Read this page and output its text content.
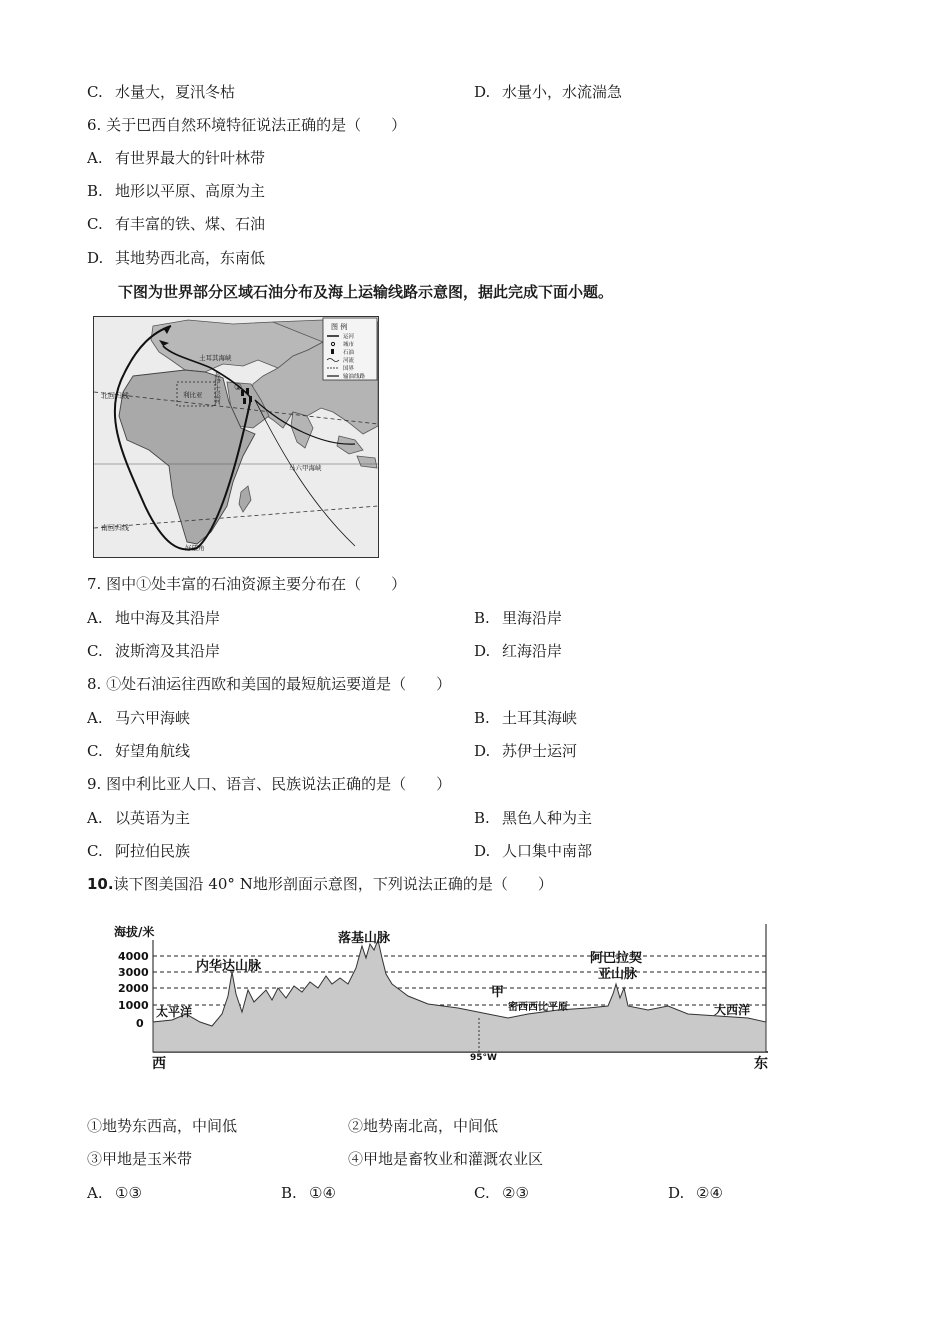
C. 水量大，夏汛冬枯	D. 水量小，水流湍急
6. 关于巴西自然环境特征说法正确的是（　　）
A. 有世界最大的针叶林带
B. 地形以平原、高原为主
C. 有丰富的铁、煤、石油
D. 其地势西北高，东南低
下图为世界部分区域石油分布及海上运输线路示意图，据此完成下面小题。
图 例
运河
城市
石油
河流
国界
输油线路
北回归线
南回归线
利比亚
土耳其海峡
苏伊士运河
马六甲海峡
好望角
①
7. 图中①处丰富的石油资源主要分布在（　　）
A. 地中海及其沿岸	B. 里海沿岸
C. 波斯湾及其沿岸	D. 红海沿岸
8. ①处石油运往西欧和美国的最短航运要道是（　　）
A. 马六甲海峡	B. 土耳其海峡
C. 好望角航线	D. 苏伊士运河
9. 图中利比亚人口、语言、民族说法正确的是（　　）
A. 以英语为主	B. 黑色人种为主
C. 阿拉伯民族	D. 人口集中南部
10.读下图美国沿 40° N地形剖面示意图，下列说法正确的是（　　）
海拔/米
4000
3000
2000
1000
0
西	东
95°W
太平洋	大西洋
内华达山脉
落基山脉
阿巴拉契
亚山脉
甲
密西西比平原
①地势东西高，中间低	②地势南北高，中间低
③甲地是玉米带	④甲地是畜牧业和灌溉农业区
A. ①③	B. ①④	C. ②③	D. ②④
